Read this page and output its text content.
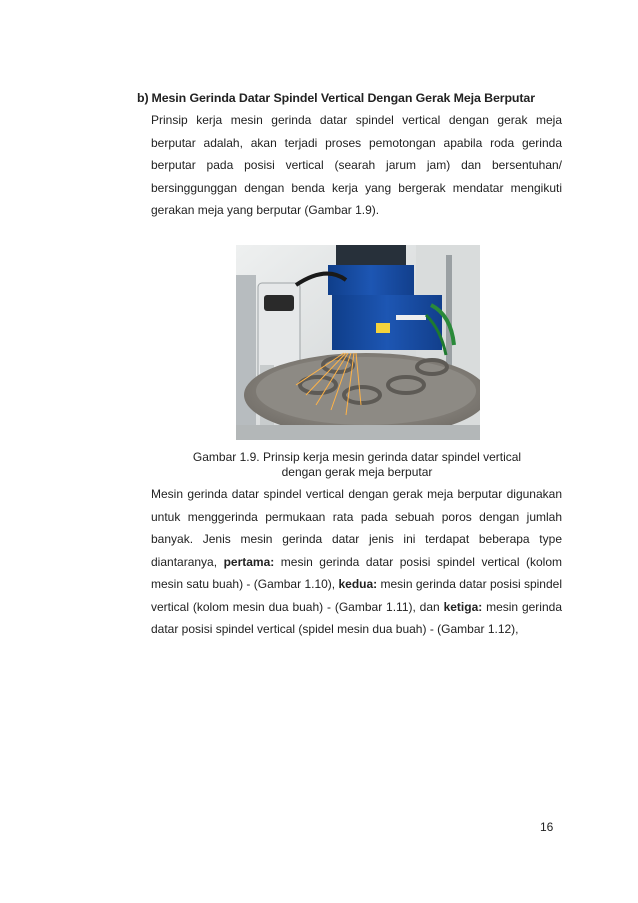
b) Mesin Gerinda Datar Spindel Vertical Dengan Gerak Meja Berputar
Prinsip kerja mesin gerinda datar spindel vertical dengan gerak meja berputar adalah, akan terjadi proses pemotongan apabila roda gerinda berputar pada posisi vertical (searah jarum jam) dan bersentuhan/ bersinggunggan dengan benda kerja yang bergerak mendatar mengikuti gerakan meja yang berputar (Gambar 1.9).
Gambar 1.9. Prinsip kerja mesin gerinda datar spindel vertical
dengan gerak meja berputar
Mesin gerinda datar spindel vertical dengan gerak meja berputar digunakan untuk menggerinda permukaan rata pada sebuah poros dengan jumlah banyak. Jenis mesin gerinda datar jenis ini terdapat beberapa type diantaranya, pertama: mesin gerinda datar posisi spindel vertical (kolom mesin satu buah) - (Gambar 1.10), kedua: mesin gerinda datar posisi spindel vertical (kolom mesin dua buah) - (Gambar 1.11), dan ketiga: mesin gerinda datar posisi spindel vertical (spidel mesin dua buah) - (Gambar 1.12),
16
